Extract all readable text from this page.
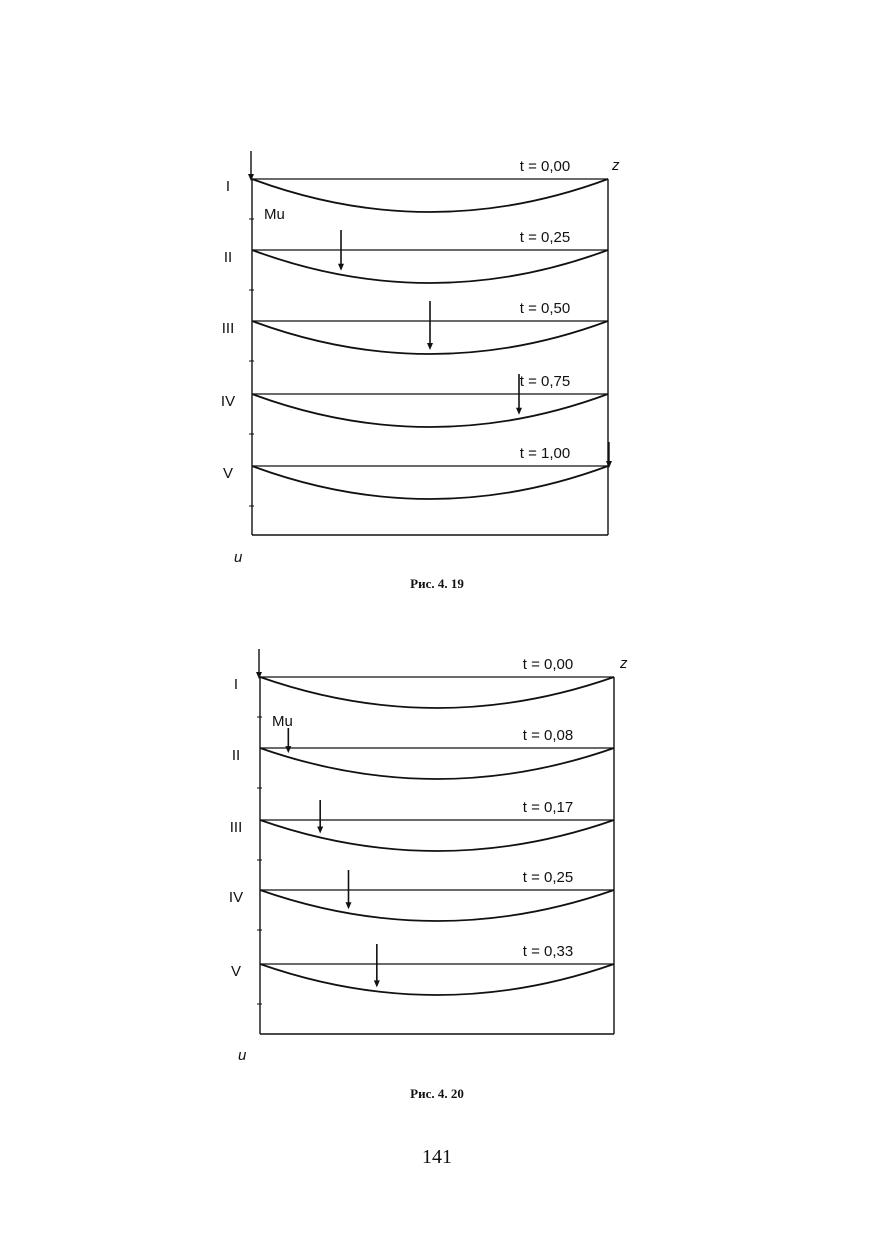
z
u
Mu
I
t = 0,00
II
t = 0,25
III
t = 0,50
IV
t = 0,75
V
t = 1,00
Рис. 4. 19
z
u
Mu
I
t = 0,00
II
t = 0,08
III
t = 0,17
IV
t = 0,25
V
t = 0,33
Рис. 4. 20
141
